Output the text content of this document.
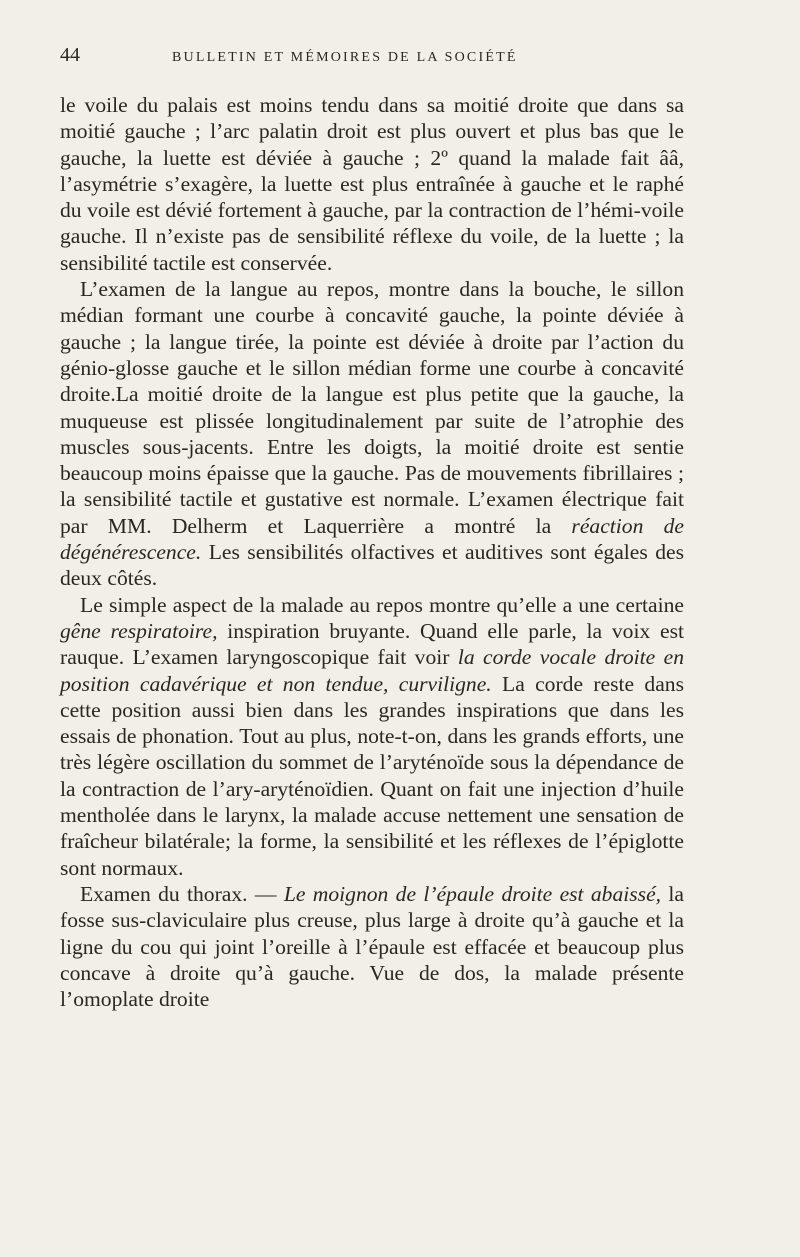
44	BULLETIN ET MÉMOIRES DE LA SOCIÉTÉ

le voile du palais est moins tendu dans sa moitié droite que dans sa moitié gauche ; l’arc palatin droit est plus ouvert et plus bas que le gauche, la luette est déviée à gauche ; 2º quand la malade fait ââ, l’asymétrie s’exagère, la luette est plus entraînée à gauche et le raphé du voile est dévié fortement à gauche, par la contraction de l’hémi-voile gauche. Il n’existe pas de sensibilité réflexe du voile, de la luette ; la sensibilité tactile est conservée.

L’examen de la langue au repos, montre dans la bouche, le sillon médian formant une courbe à concavité gauche, la pointe déviée à gauche ; la langue tirée, la pointe est déviée à droite par l’action du génio-glosse gauche et le sillon médian forme une courbe à concavité droite.La moitié droite de la langue est plus petite que la gauche, la muqueuse est plissée longitudinalement par suite de l’atrophie des muscles sous-jacents. Entre les doigts, la moitié droite est sentie beaucoup moins épaisse que la gauche. Pas de mouvements fibrillaires ; la sensibilité tactile et gustative est normale. L’examen électrique fait par MM. Delherm et Laquerrière a montré la réaction de dégénérescence. Les sensibilités olfactives et auditives sont égales des deux côtés.

Le simple aspect de la malade au repos montre qu’elle a une certaine gêne respiratoire, inspiration bruyante. Quand elle parle, la voix est rauque. L’examen laryngoscopique fait voir la corde vocale droite en position cadavérique et non tendue, curviligne. La corde reste dans cette position aussi bien dans les grandes inspirations que dans les essais de phonation. Tout au plus, note-t-on, dans les grands efforts, une très légère oscillation du sommet de l’aryténoïde sous la dépendance de la contraction de l’ary-aryténoïdien. Quant on fait une injection d’huile mentholée dans le larynx, la malade accuse nettement une sensation de fraîcheur bilatérale; la forme, la sensibilité et les réflexes de l’épiglotte sont normaux.

Examen du thorax. — Le moignon de l’épaule droite est abaissé, la fosse sus-claviculaire plus creuse, plus large à droite qu’à gauche et la ligne du cou qui joint l’oreille à l’épaule est effacée et beaucoup plus concave à droite qu’à gauche. Vue de dos, la malade présente l’omoplate droite
